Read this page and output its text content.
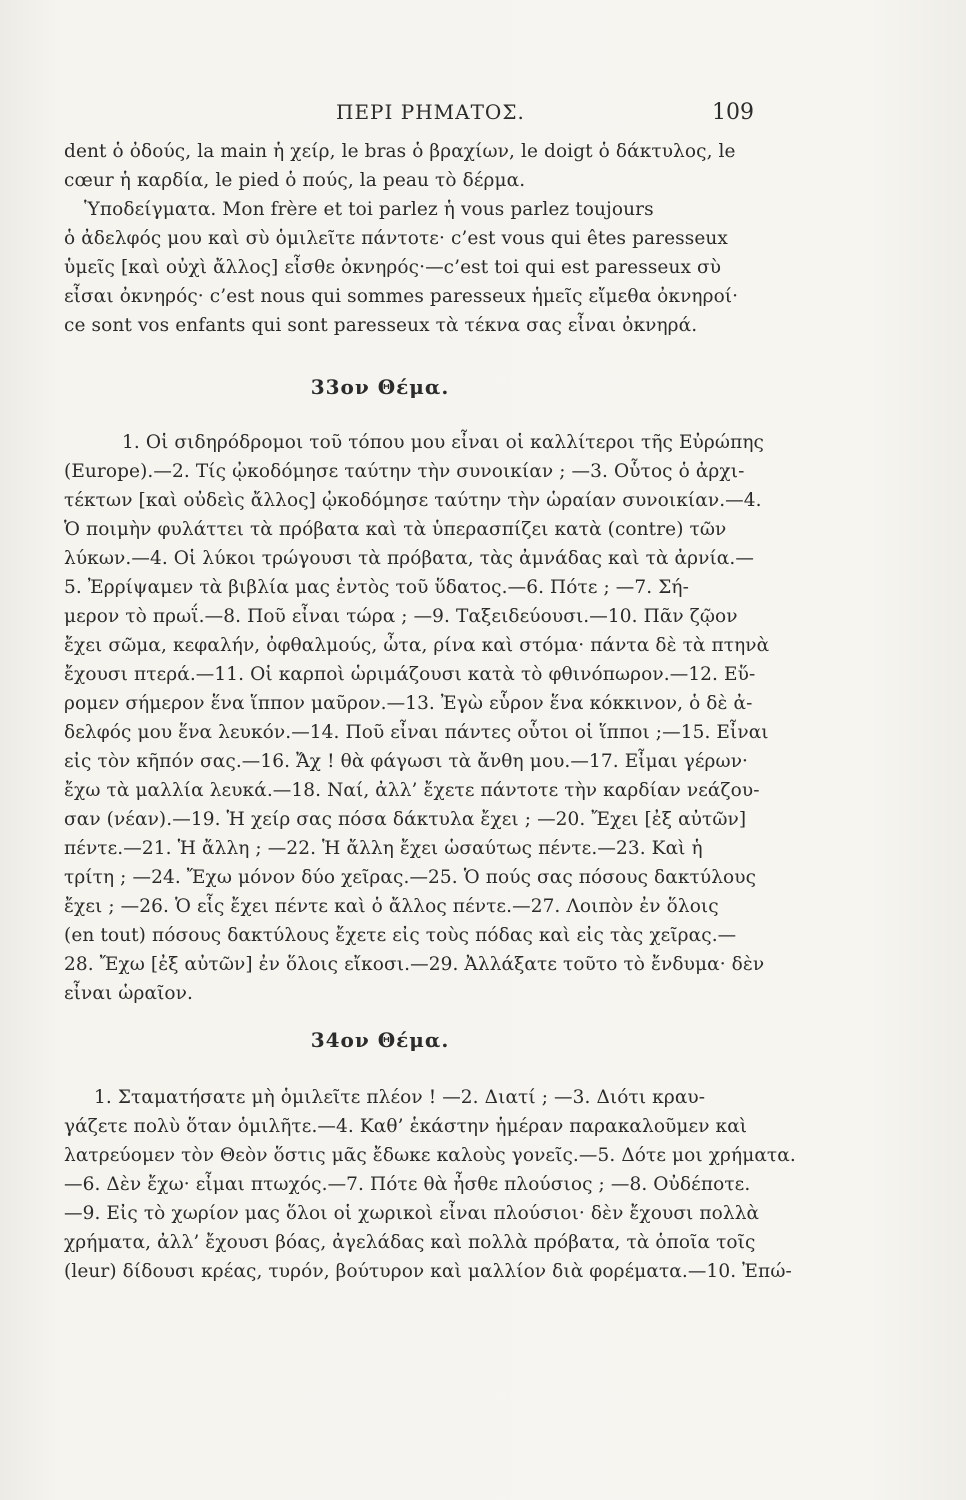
ΠΕΡΙ ΡΗΜΑΤΟΣ.	109
dent ὁ ὀδούς, la main ἡ χείρ, le bras ὁ βραχίων, le doigt ὁ δάκτυλος, le
cœur ἡ καρδία, le pied ὁ πούς, la peau τὸ δέρμα.
Ὑποδείγματα. Mon frère et toi parlez ἡ vous parlez toujours
ὁ ἀδελφός μου καὶ σὺ ὁμιλεῖτε πάντοτε· c’est vous qui êtes paresseux
ὑμεῖς [καὶ οὐχὶ ἄλλος] εἶσθε ὀκνηρός·—c’est toi qui est paresseux σὺ
εἶσαι ὀκνηρός· c’est nous qui sommes paresseux ἡμεῖς εἴμεθα ὀκνηροί·
ce sont vos enfants qui sont paresseux τὰ τέκνα σας εἶναι ὀκνηρά.
33ον Θέμα.
1. Οἱ σιδηρόδρομοι τοῦ τόπου μου εἶναι οἱ καλλίτεροι τῆς Εὐρώπης
(Europe).—2. Τίς ᾠκοδόμησε ταύτην τὴν συνοικίαν ; —3. Οὗτος ὁ ἀρχι-
τέκτων [καὶ οὐδεὶς ἄλλος] ᾠκοδόμησε ταύτην τὴν ὡραίαν συνοικίαν.—4.
Ὁ ποιμὴν φυλάττει τὰ πρόβατα καὶ τὰ ὑπερασπίζει κατὰ (contre) τῶν
λύκων.—4. Οἱ λύκοι τρώγουσι τὰ πρόβατα, τὰς ἀμνάδας καὶ τὰ ἀρνία.—
5. Ἐρρίψαμεν τὰ βιβλία μας ἐντὸς τοῦ ὕδατος.—6. Πότε ; —7. Σή-
μερον τὸ πρωΐ.—8. Ποῦ εἶναι τώρα ; —9. Ταξειδεύουσι.—10. Πᾶν ζῷον
ἔχει σῶμα, κεφαλήν, ὀφθαλμούς, ὦτα, ρίνα καὶ στόμα· πάντα δὲ τὰ πτηνὰ
ἔχουσι πτερά.—11. Οἱ καρποὶ ὡριμάζουσι κατὰ τὸ φθινόπωρον.—12. Εὕ-
ρομεν σήμερον ἕνα ἵππον μαῦρον.—13. Ἐγὼ εὗρον ἕνα κόκκινον, ὁ δὲ ἀ-
δελφός μου ἕνα λευκόν.—14. Ποῦ εἶναι πάντες οὗτοι οἱ ἵπποι ;—15. Εἶναι
εἰς τὸν κῆπόν σας.—16. Ἄχ ! θὰ φάγωσι τὰ ἄνθη μου.—17. Εἶμαι γέρων·
ἔχω τὰ μαλλία λευκά.—18. Ναί, ἀλλ’ ἔχετε πάντοτε τὴν καρδίαν νεάζου-
σαν (νέαν).—19. Ἡ χείρ σας πόσα δάκτυλα ἔχει ; —20. Ἔχει [ἐξ αὐτῶν]
πέντε.—21. Ἡ ἄλλη ; —22. Ἡ ἄλλη ἔχει ὡσαύτως πέντε.—23. Καὶ ἡ
τρίτη ; —24. Ἔχω μόνον δύο χεῖρας.—25. Ὁ πούς σας πόσους δακτύλους
ἔχει ; —26. Ὁ εἷς ἔχει πέντε καὶ ὁ ἄλλος πέντε.—27. Λοιπὸν ἐν ὅλοις
(en tout) πόσους δακτύλους ἔχετε εἰς τοὺς πόδας καὶ εἰς τὰς χεῖρας.—
28. Ἔχω [ἐξ αὐτῶν] ἐν ὅλοις εἴκοσι.—29. Ἀλλάξατε τοῦτο τὸ ἔνδυμα· δὲν
εἶναι ὡραῖον.
34ον Θέμα.
1. Σταματήσατε μὴ ὁμιλεῖτε πλέον ! —2. Διατί ; —3. Διότι κραυ-
γάζετε πολὺ ὅταν ὁμιλῆτε.—4. Καθ’ ἑκάστην ἡμέραν παρακαλοῦμεν καὶ
λατρεύομεν τὸν Θεὸν ὅστις μᾶς ἔδωκε καλοὺς γονεῖς.—5. Δότε μοι χρήματα.
—6. Δὲν ἔχω· εἶμαι πτωχός.—7. Πότε θὰ ἦσθε πλούσιος ; —8. Οὐδέποτε.
—9. Εἰς τὸ χωρίον μας ὅλοι οἱ χωρικοὶ εἶναι πλούσιοι· δὲν ἔχουσι πολλὰ
χρήματα, ἀλλ’ ἔχουσι βόας, ἀγελάδας καὶ πολλὰ πρόβατα, τὰ ὁποῖα τοῖς
(leur) δίδουσι κρέας, τυρόν, βούτυρον καὶ μαλλίον διὰ φορέματα.—10. Ἐπώ-
